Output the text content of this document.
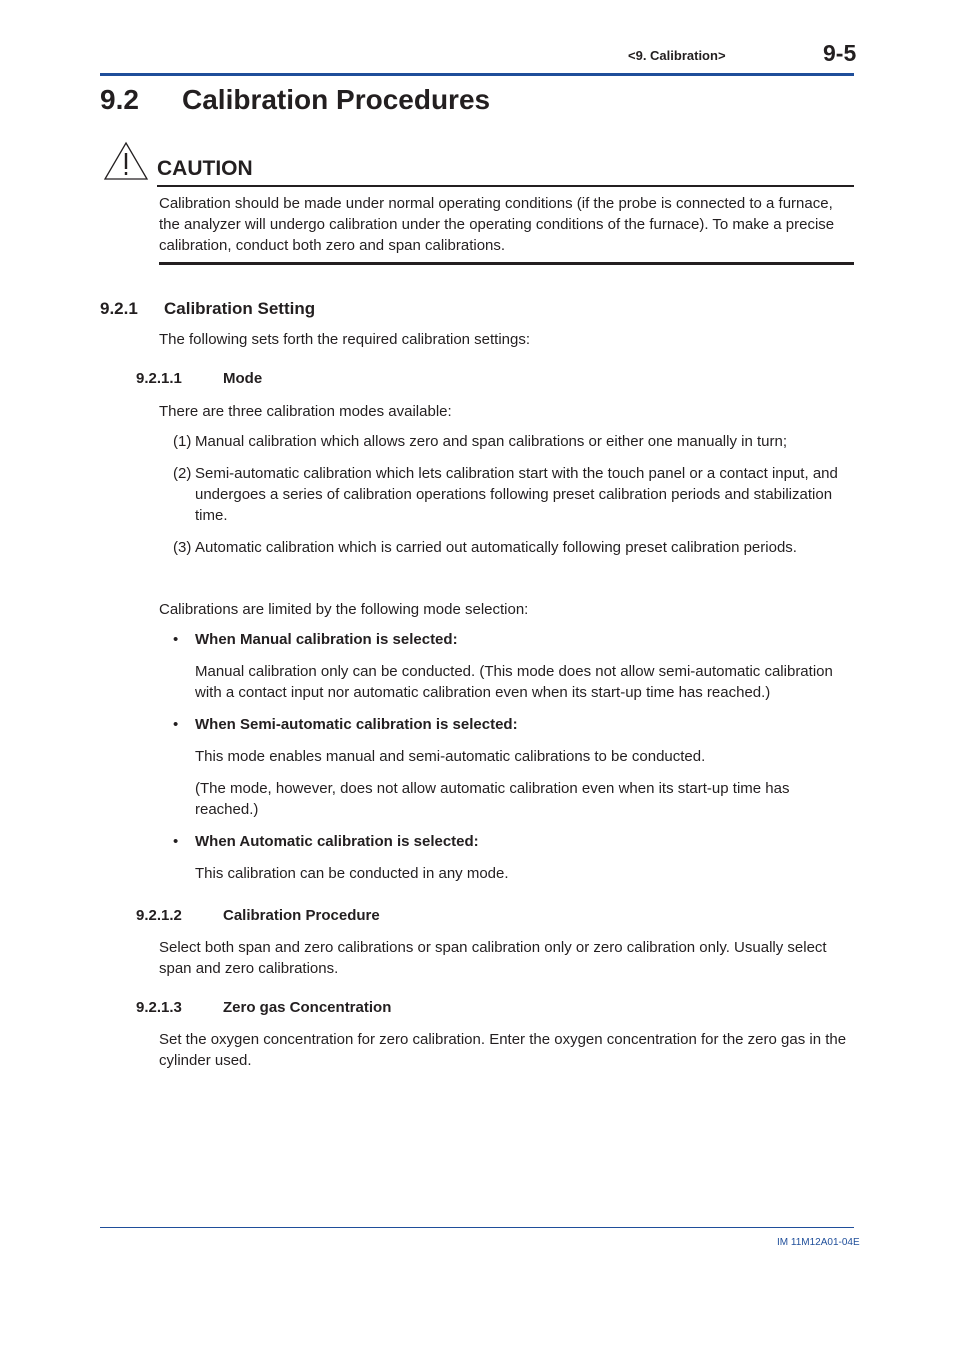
<9. Calibration>	9-5
9.2 Calibration Procedures
CAUTION
Calibration should be made under normal operating conditions (if the probe is connected to a furnace, the analyzer will undergo calibration under the operating conditions of the furnace). To make a precise calibration, conduct both zero and span calibrations.
9.2.1 Calibration Setting
The following sets forth the required calibration settings:
9.2.1.1	Mode
There are three calibration modes available:
(1) Manual calibration which allows zero and span calibrations or either one manually in turn;
(2) Semi-automatic calibration which lets calibration start with the touch panel or a contact input, and undergoes a series of calibration operations following preset calibration periods and stabilization time.
(3) Automatic calibration which is carried out automatically following preset calibration periods.
Calibrations are limited by the following mode selection:
• When Manual calibration is selected:
Manual calibration only can be conducted. (This mode does not allow semi-automatic calibration with a contact input nor automatic calibration even when its start-up time has reached.)
• When Semi-automatic calibration is selected:
This mode enables manual and semi-automatic calibrations to be conducted.
(The mode, however, does not allow automatic calibration even when its start-up time has reached.)
• When Automatic calibration is selected:
This calibration can be conducted in any mode.
9.2.1.2	Calibration Procedure
Select both span and zero calibrations or span calibration only or zero calibration only. Usually select span and zero calibrations.
9.2.1.3	Zero gas Concentration
Set the oxygen concentration for zero calibration. Enter the oxygen concentration for the zero gas in the cylinder used.
IM 11M12A01-04E
